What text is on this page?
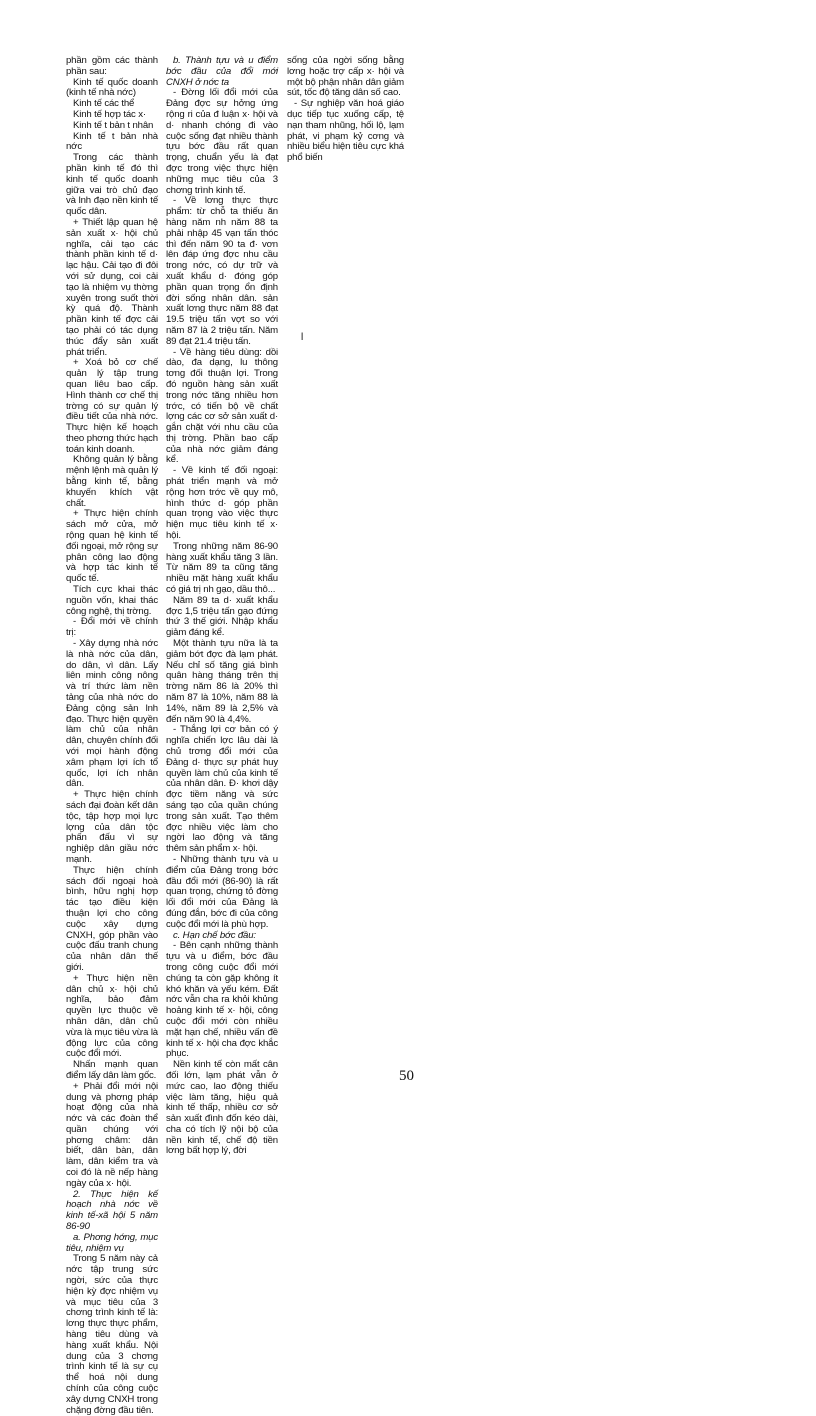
phần gồm các thành phần sau:

Kinh tế quốc doanh (kinh tế nhà nớc)

Kinh tế các thể

Kinh tế hợp tác x·

Kinh tế t bản t nhân

Kinh tế t bản nhà nớc

Trong các thành phần kinh tế đó thì kinh tế quốc doanh giữa vai trò chủ đạo và lnh đạo nền kinh tế quốc dân.

+ Thiết lập quan hệ sản xuất x· hội chủ nghĩa, cải tạo các thành phần kinh tế d· lạc hậu. Cải tạo đi đôi với sử dụng, coi cải tạo là nhiệm vụ thờng xuyên trong suốt thời kỳ quá độ. Thành phần kinh tế đợc cải tạo phải có tác dụng thúc đẩy sản xuất phát triển.

+ Xoá bỏ cơ chế quản lý tập trung quan liêu bao cấp. Hình thành cơ chế thị trờng có sự quản lý điều tiết của nhà nớc. Thực hiện kế hoạch theo phơng thức hạch toán kinh doanh.

Không quản lý bằng mệnh lệnh mà quản lý bằng kinh tế, bằng khuyến khích vật chất.

+ Thực hiện chính sách mở cửa, mở rộng quan hệ kinh tế đối ngoại, mở rộng sự phân công lao động và hợp tác kinh tế quốc tế.

Tích cực khai thác nguồn vốn, khai thác công nghệ, thị trờng.

- Đổi mới về chính trị:

- Xây dựng nhà nớc là nhà nớc của dân, do dân, vì dân. Lấy liên minh công nông và trí thức làm nền tảng của nhà nớc do Đảng cộng sản lnh đạo. Thực hiện quyền làm chủ của nhân dân, chuyên chính đối với mọi hành động xâm phạm lợi ích tổ quốc, lợi ích nhân dân.

+ Thực hiện chính sách đại đoàn kết dân tộc, tập hợp mọi lực lợng của dân tộc phấn đấu vì sự nghiệp dân giầu nớc mạnh.

Thực hiện chính sách đối ngoại hoà bình, hữu nghị hợp tác tạo điều kiện thuận lợi cho công cuộc xây dựng CNXH, góp phần vào cuộc đấu tranh chung của nhân dân thế giới.

+ Thực hiện nền dân chủ x· hội chủ nghĩa, bảo đảm quyền lực thuộc về nhân dân, dân chủ vừa là mục tiêu vừa là động lực của công cuộc đổi mới.

Nhấn mạnh quan điểm lấy dân làm gốc.

+ Phải đổi mới nội dung và phơng pháp hoạt động của nhà nớc và các đoàn thể quần chúng với phơng châm: dân biết, dân bàn, dân làm, dân kiểm tra và coi đó là nề nếp hàng ngày của x· hội.

2. Thực hiện kế hoạch nhà nớc về kinh tế-xã hội 5 năm 86-90

a. Phơng hớng, mục tiêu, nhiệm vụ

Trong 5 năm này cả nớc tập trung sức ngời, sức của thực hiện kỳ đợc nhiệm vụ và mục tiêu của 3 chơng trình kinh tế là: lơng thực thực phẩm, hàng tiêu dùng và hàng xuất khẩu. Nội dung của 3 chơng trình kinh tế là sự cụ thể hoá nội dung chính của công cuộc xây dựng CNXH trong chặng đờng đầu tiên.

b. Thành tựu và u điểm bớc đầu của đổi mới CNXH ở nớc ta

- Đờng lối đổi mới của Đảng đợc sự hởng ứng rộng ri của đ luận x· hội và d· nhanh chóng đi vào cuộc sống đạt nhiều thành tựu bớc đầu rất quan trọng, chuẩn yếu là đạt đợc trong việc thực hiện những mục tiêu của 3 chơng trình kinh tế.

- Về lơng thực thực phẩm: từ chỗ ta thiếu ăn hàng năm nh năm 88 ta phải nhập 45 vạn tấn thóc thì đến năm 90 ta đ· vơn lên đáp ứng đợc nhu cầu trong nớc, có dự trữ và xuất khẩu d· đóng góp phần quan trọng ổn định đời sống nhân dân. sản xuất lơng thực năm 88 đạt 19.5 triệu tấn vợt so với năm 87 là 2 triệu tấn. Năm 89 đạt 21.4 triệu tấn.

- Về hàng tiêu dùng: dồi dào, đa dạng, lu thông tơng đối thuận lợi. Trong đó nguồn hàng sản xuất trong nớc tăng nhiều hơn trớc, có tiến bộ về chất lợng các cơ sở sản xuất d· gắn chặt với nhu cầu của thị trờng. Phần bao cấp của nhà nớc giảm đáng kể.

- Về kinh tế đối ngoại: phát triển mạnh và mở rộng hơn trớc về quy mô, hình thức d· góp phần quan trọng vào việc thực hiện mục tiêu kinh tế x· hội.

Trong những năm 86-90 hàng xuất khẩu tăng 3 lần. Từ năm 89 ta cũng tăng nhiều mặt hàng xuất khẩu có giá trị nh gạo, dầu thô...

Năm 89 ta d· xuất khẩu đợc 1,5 triệu tấn gạo đứng thứ 3 thế giới. Nhập khẩu giảm đáng kể.

Một thành tựu nữa là ta giảm bớt đợc đà lạm phát. Nếu chỉ số tăng giá bình quân hàng tháng trên thị trờng năm 86 là 20% thì năm 87 là 10%, năm 88 là 14%, năm 89 là 2,5% và đến năm 90 là 4,4%.

- Thắng lợi cơ bản có ý nghĩa chiến lợc lâu dài là chủ trơng đổi mới của Đảng d· thực sự phát huy quyền làm chủ của kinh tế của nhân dân. Đ· khơi dậy đợc tiềm năng và sức sáng tạo của quần chúng trong sản xuất. Tạo thêm đợc nhiều việc làm cho ngời lao động và tăng thêm sản phẩm x· hội.

- Những thành tựu và u điểm của Đảng trong bớc đầu đổi mới (86-90) là rất quan trọng, chứng tỏ đờng lối đổi mới của Đảng là đúng đắn, bớc đi của công cuộc đổi mới là phù hợp.

c. Hạn chế bớc đầu:

- Bên cạnh những thành tựu và u điểm, bớc đầu trong công cuộc đổi mới chúng ta còn gặp không ít khó khăn và yếu kém. Đất nớc vẫn cha ra khỏi khủng hoảng kinh tế x· hội, công cuộc đổi mới còn nhiều mặt hạn chế, nhiều vấn đề kinh tế x· hội cha đợc khắc phục.

Nền kinh tế còn mất cân đối lớn, lạm phát vẫn ở mức cao, lao động thiếu việc làm tăng, hiệu quả kinh tế thấp, nhiều cơ sở sản xuất đình đốn kéo dài, cha có tích lỹ nội bộ của nền kinh tế, chế độ tiền lơng bất hợp lý, đời

sống của ngời sống bằng lơng hoặc trợ cấp x· hội và một bộ phận nhân dân giảm sút, tốc độ tăng dân số cao.

- Sự nghiệp văn hoá giáo dục tiếp tục xuống cấp, tệ nạn tham nhũng, hối lộ, lạm phát, vi phạm kỷ cơng và nhiều biểu hiện tiêu cực khá phổ biến

l
50
